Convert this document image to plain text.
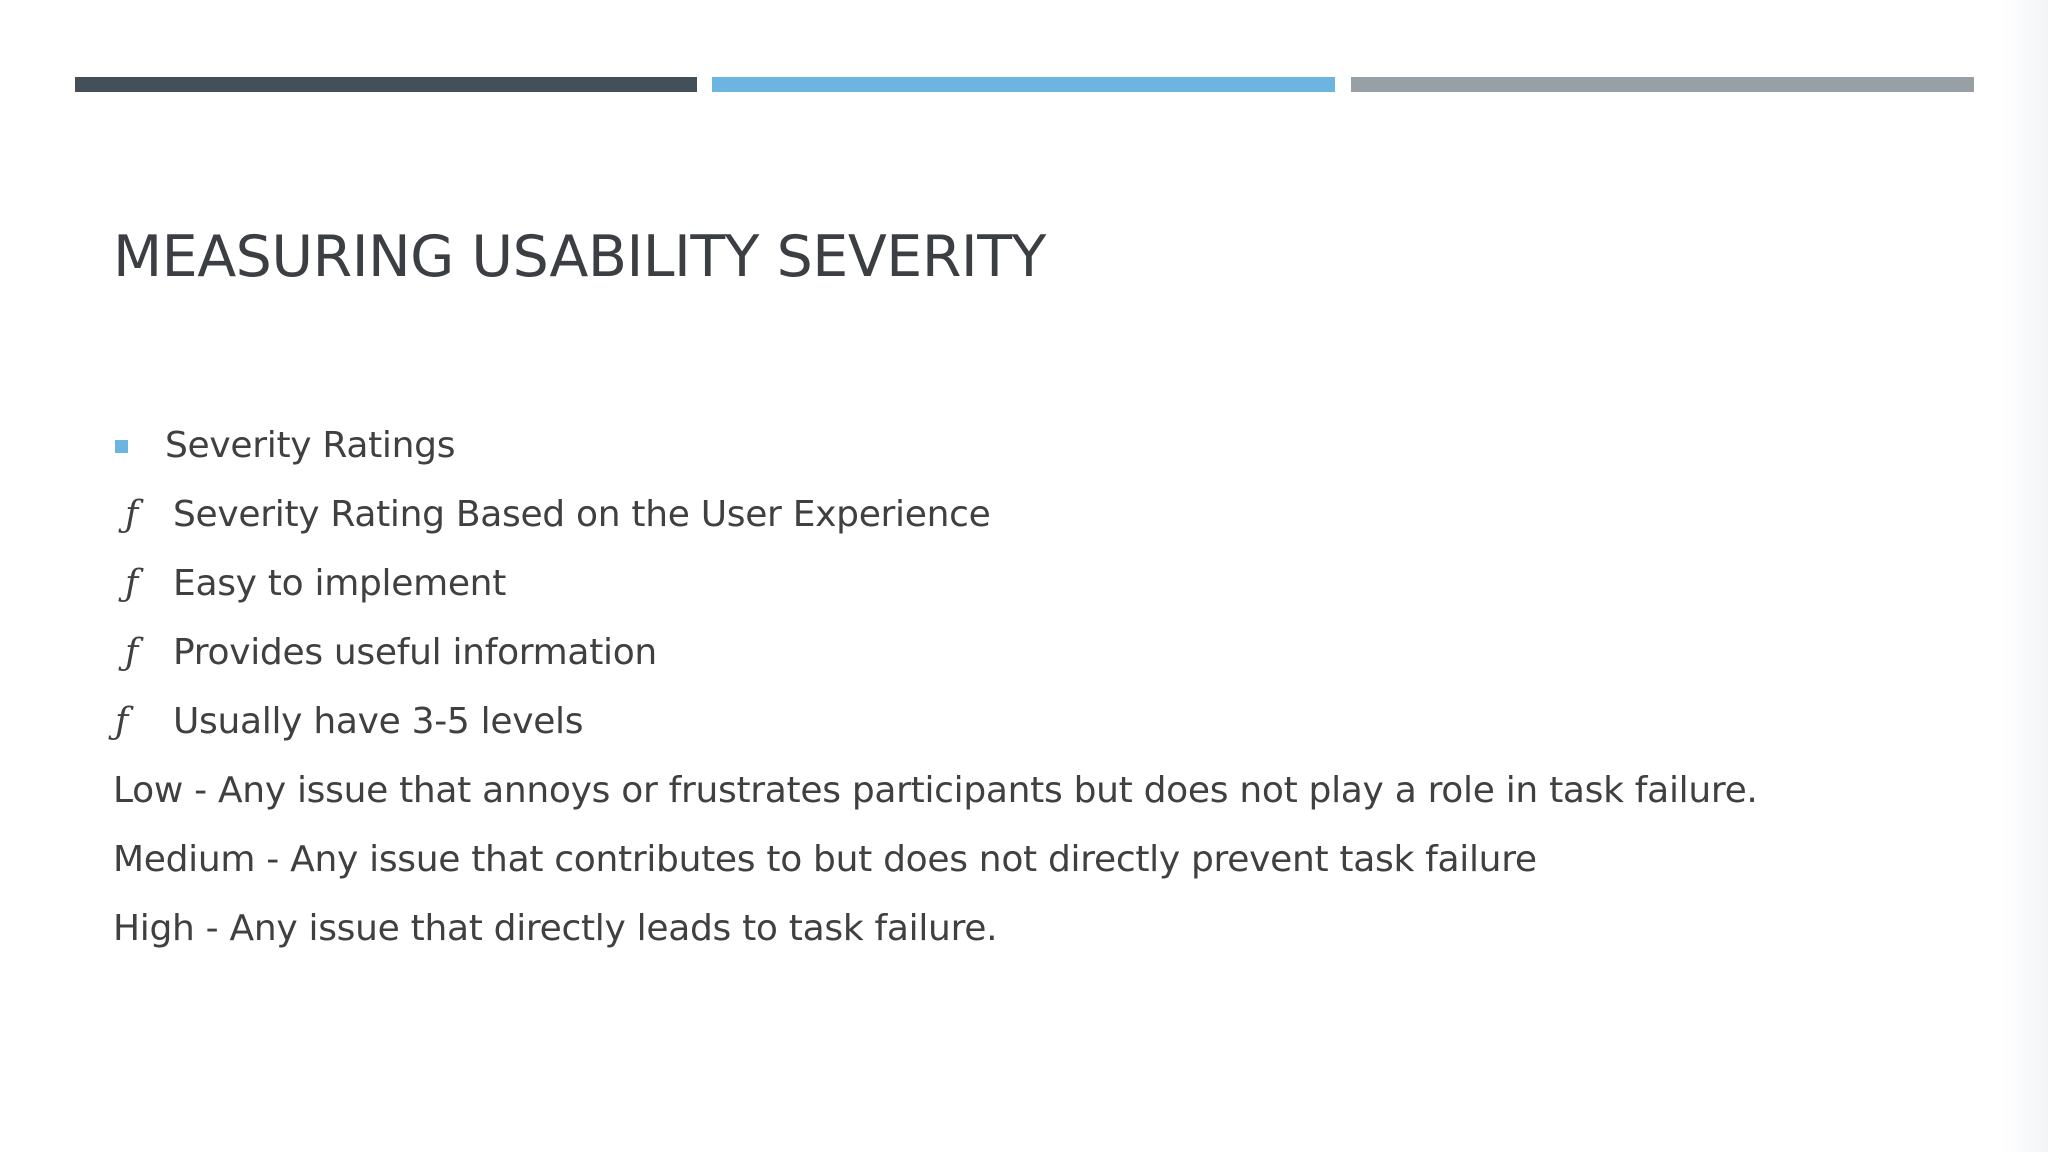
MEASURING USABILITY SEVERITY
Severity Ratings
ƒ Severity Rating Based on the User Experience
ƒ Easy to implement
ƒ Provides useful information
ƒ Usually have 3-5 levels
Low - Any issue that annoys or frustrates participants but does not play a role in task failure.
Medium - Any issue that contributes to but does not directly prevent task failure
High - Any issue that directly leads to task failure.
